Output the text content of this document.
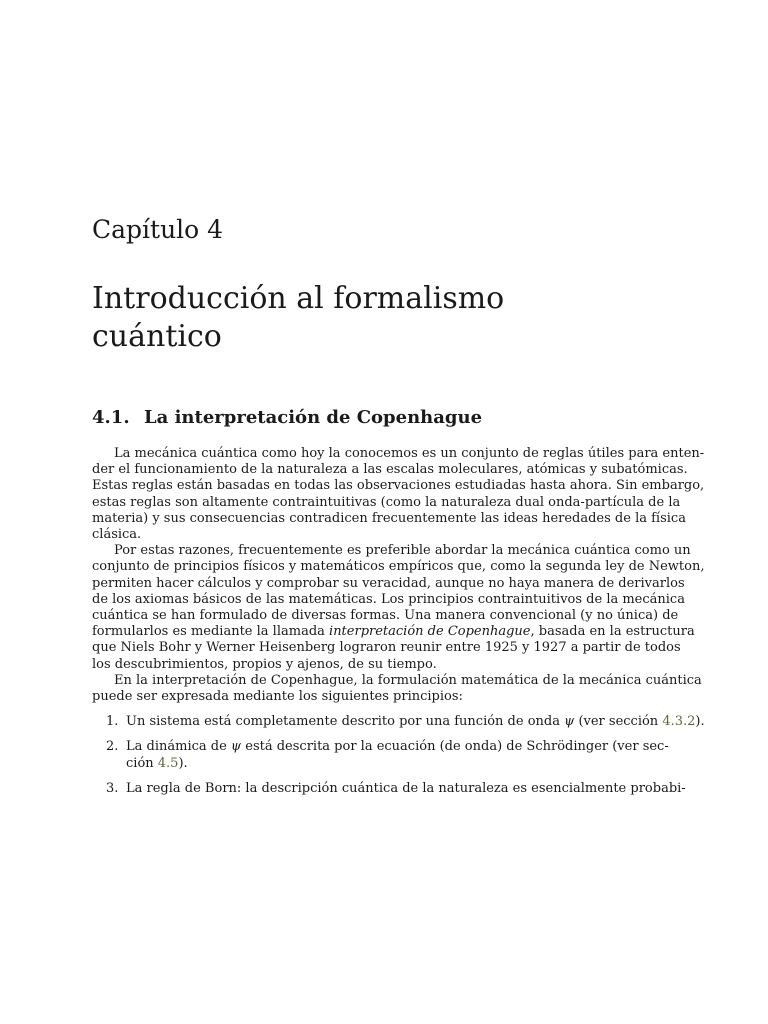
Capítulo 4
Introducción al formalismo
cuántico
4.1. La interpretación de Copenhague

La mecánica cuántica como hoy la conocemos es un conjunto de reglas útiles para enten-
der el funcionamiento de la naturaleza a las escalas moleculares, atómicas y subatómicas.
Estas reglas están basadas en todas las observaciones estudiadas hasta ahora. Sin embargo,
estas reglas son altamente contraintuitivas (como la naturaleza dual onda-partícula de la
materia) y sus consecuencias contradicen frecuentemente las ideas heredades de la física
clásica.

Por estas razones, frecuentemente es preferible abordar la mecánica cuántica como un
conjunto de principios físicos y matemáticos empíricos que, como la segunda ley de Newton,
permiten hacer cálculos y comprobar su veracidad, aunque no haya manera de derivarlos
de los axiomas básicos de las matemáticas. Los principios contraintuitivos de la mecánica
cuántica se han formulado de diversas formas. Una manera convencional (y no única) de
formularlos es mediante la llamada interpretación de Copenhague, basada en la estructura
que Niels Bohr y Werner Heisenberg lograron reunir entre 1925 y 1927 a partir de todos
los descubrimientos, propios y ajenos, de su tiempo.

En la interpretación de Copenhague, la formulación matemática de la mecánica cuántica
puede ser expresada mediante los siguientes principios:

1. Un sistema está completamente descrito por una función de onda ψ (ver sección 4.3.2).
2. La dinámica de ψ está descrita por la ecuación (de onda) de Schrödinger (ver sec-
ción 4.5).
3. La regla de Born: la descripción cuántica de la naturaleza es esencialmente probabi-
